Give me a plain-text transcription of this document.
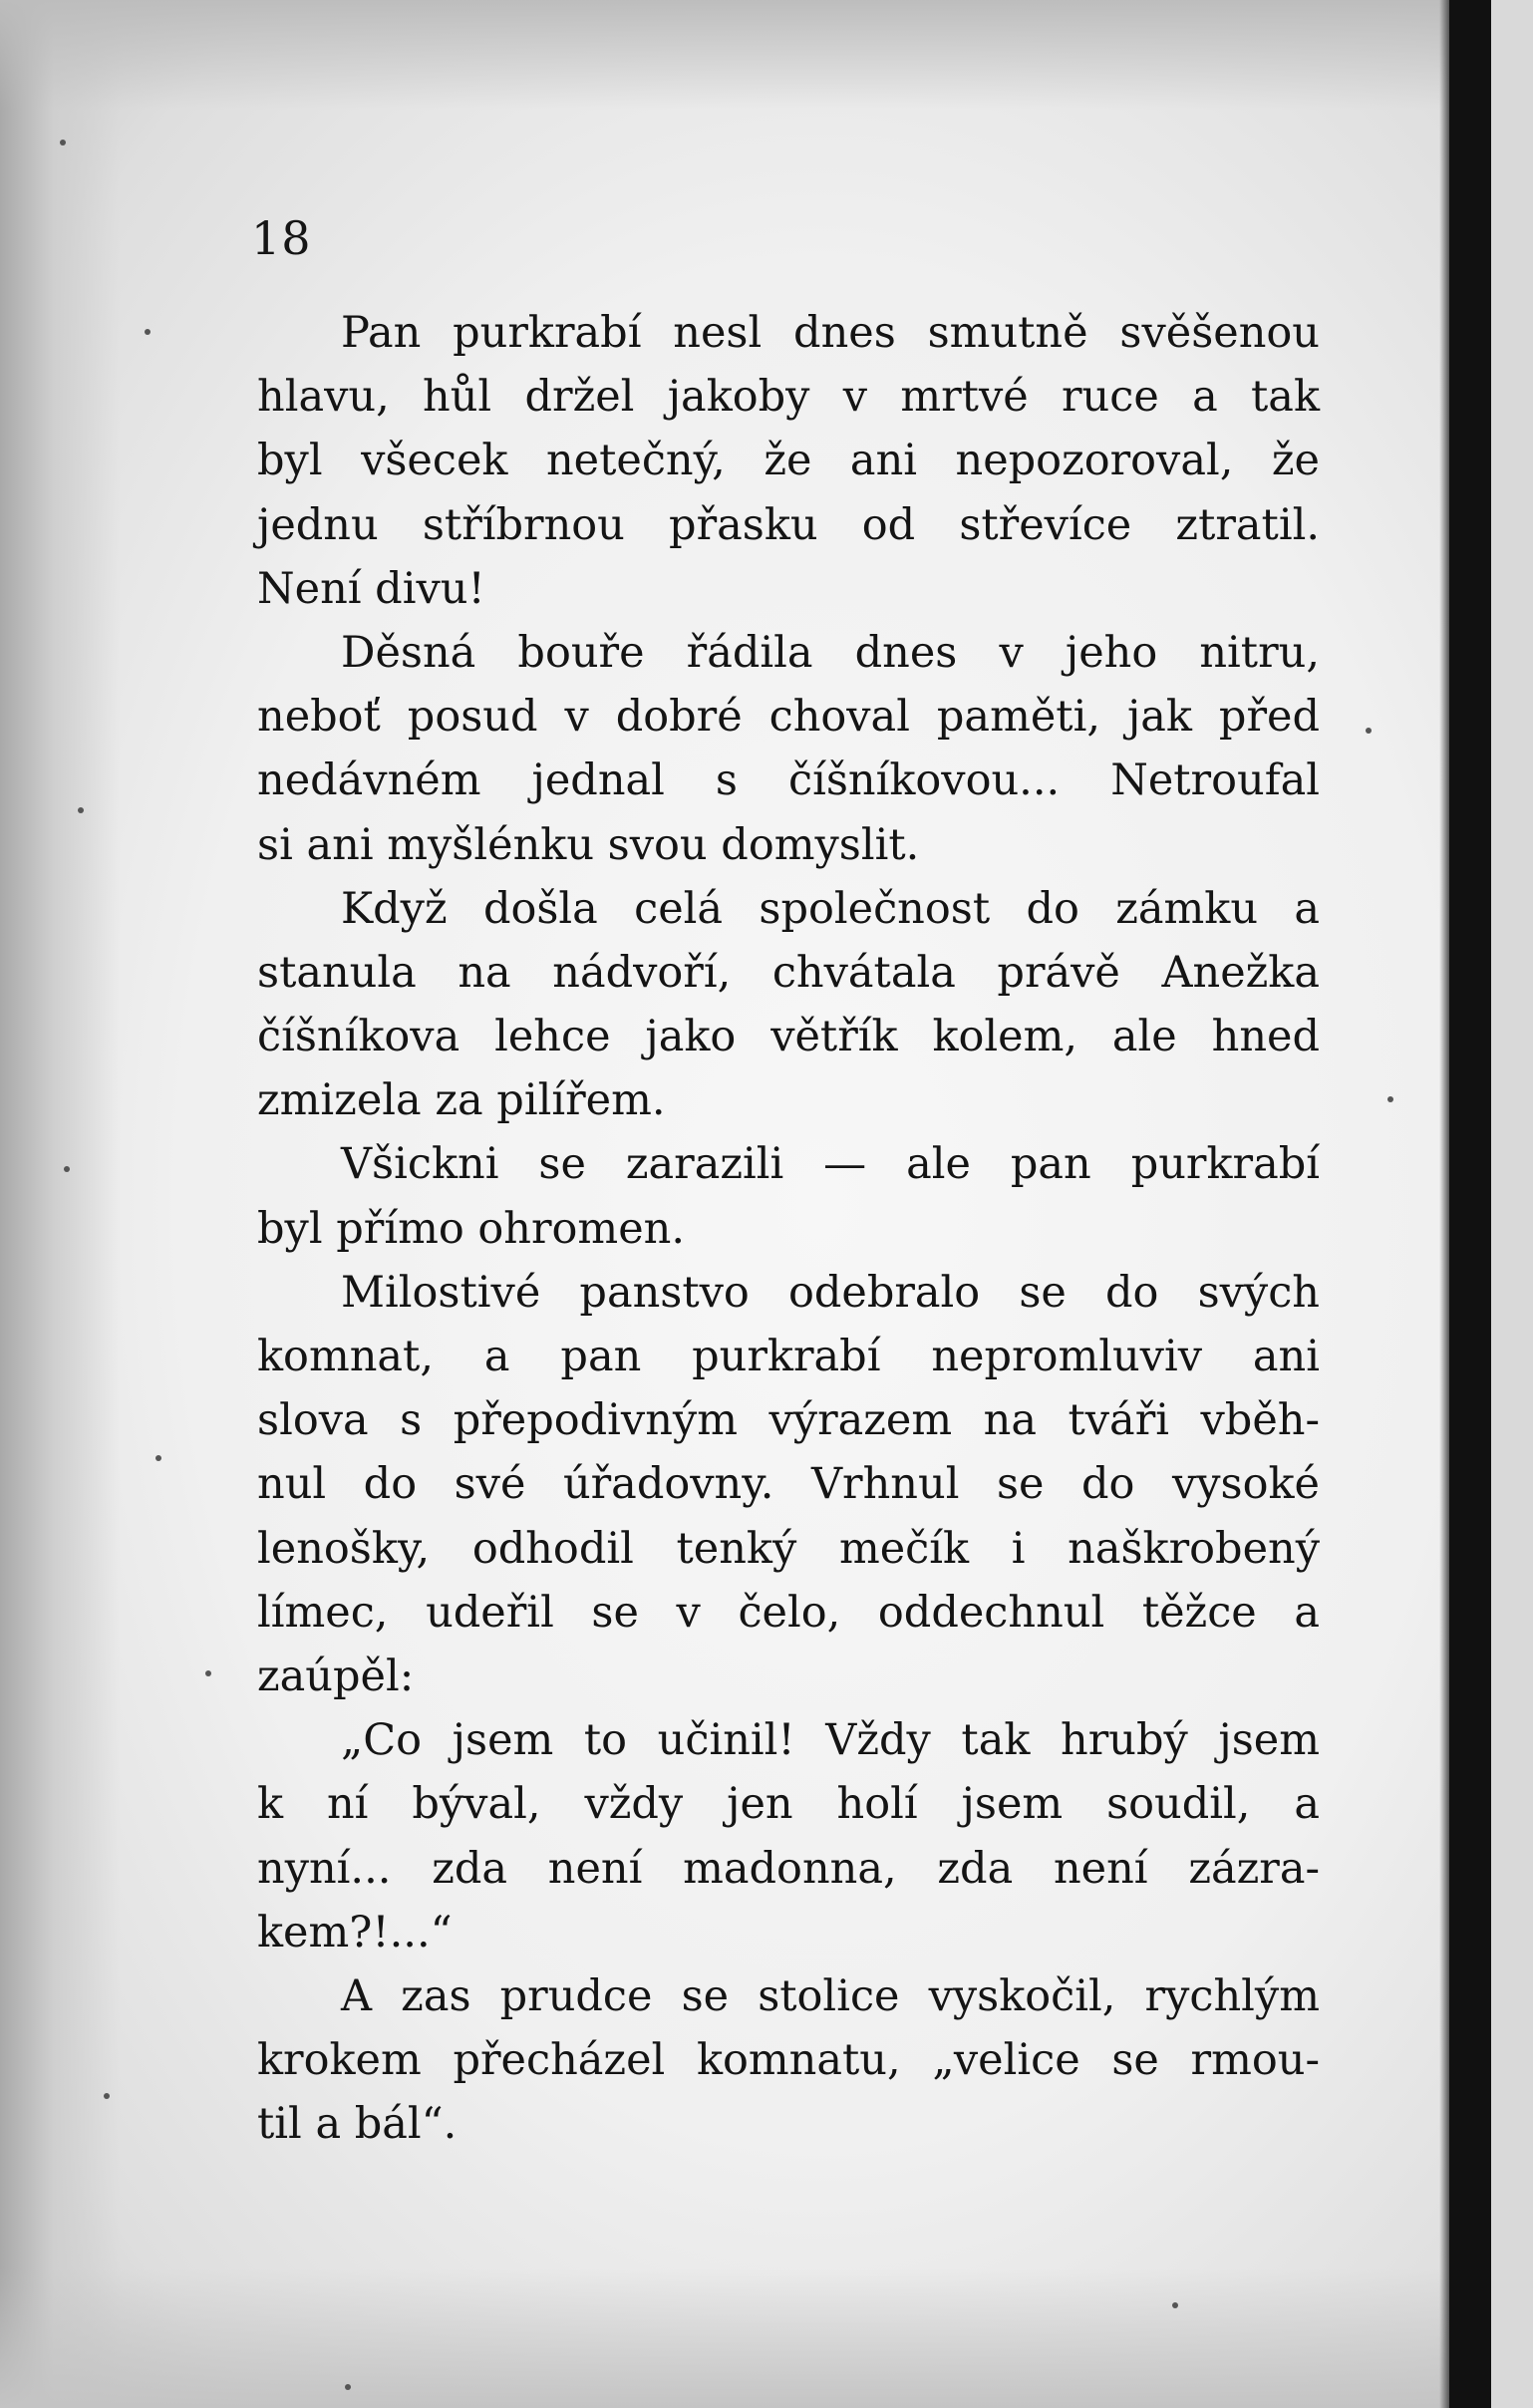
18
Pan purkrabí nesl dnes smutně svěšenou
hlavu, hůl držel jakoby v mrtvé ruce a tak
byl všecek netečný, že ani nepozoroval, že
jednu stříbrnou přasku od střevíce ztratil.
Není divu!
Děsná bouře řádila dnes v jeho nitru,
neboť posud v dobré choval paměti, jak před
nedávném jednal s číšníkovou... Netroufal
si ani myšlénku svou domyslit.
Když došla celá společnost do zámku a
stanula na nádvoří, chvátala právě Anežka
číšníkova lehce jako větřík kolem, ale hned
zmizela za pilířem.
Všickni se zarazili — ale pan purkrabí
byl přímo ohromen.
Milostivé panstvo odebralo se do svých
komnat, a pan purkrabí nepromluviv ani
slova s přepodivným výrazem na tváři vběh-
nul do své úřadovny. Vrhnul se do vysoké
lenošky, odhodil tenký mečík i naškrobený
límec, udeřil se v čelo, oddechnul těžce a
zaúpěl:
„Co jsem to učinil! Vždy tak hrubý jsem
k ní býval, vždy jen holí jsem soudil, a
nyní... zda není madonna, zda není zázra-
kem?!...“
A zas prudce se stolice vyskočil, rychlým
krokem přecházel komnatu, „velice se rmou-
til a bál“.
